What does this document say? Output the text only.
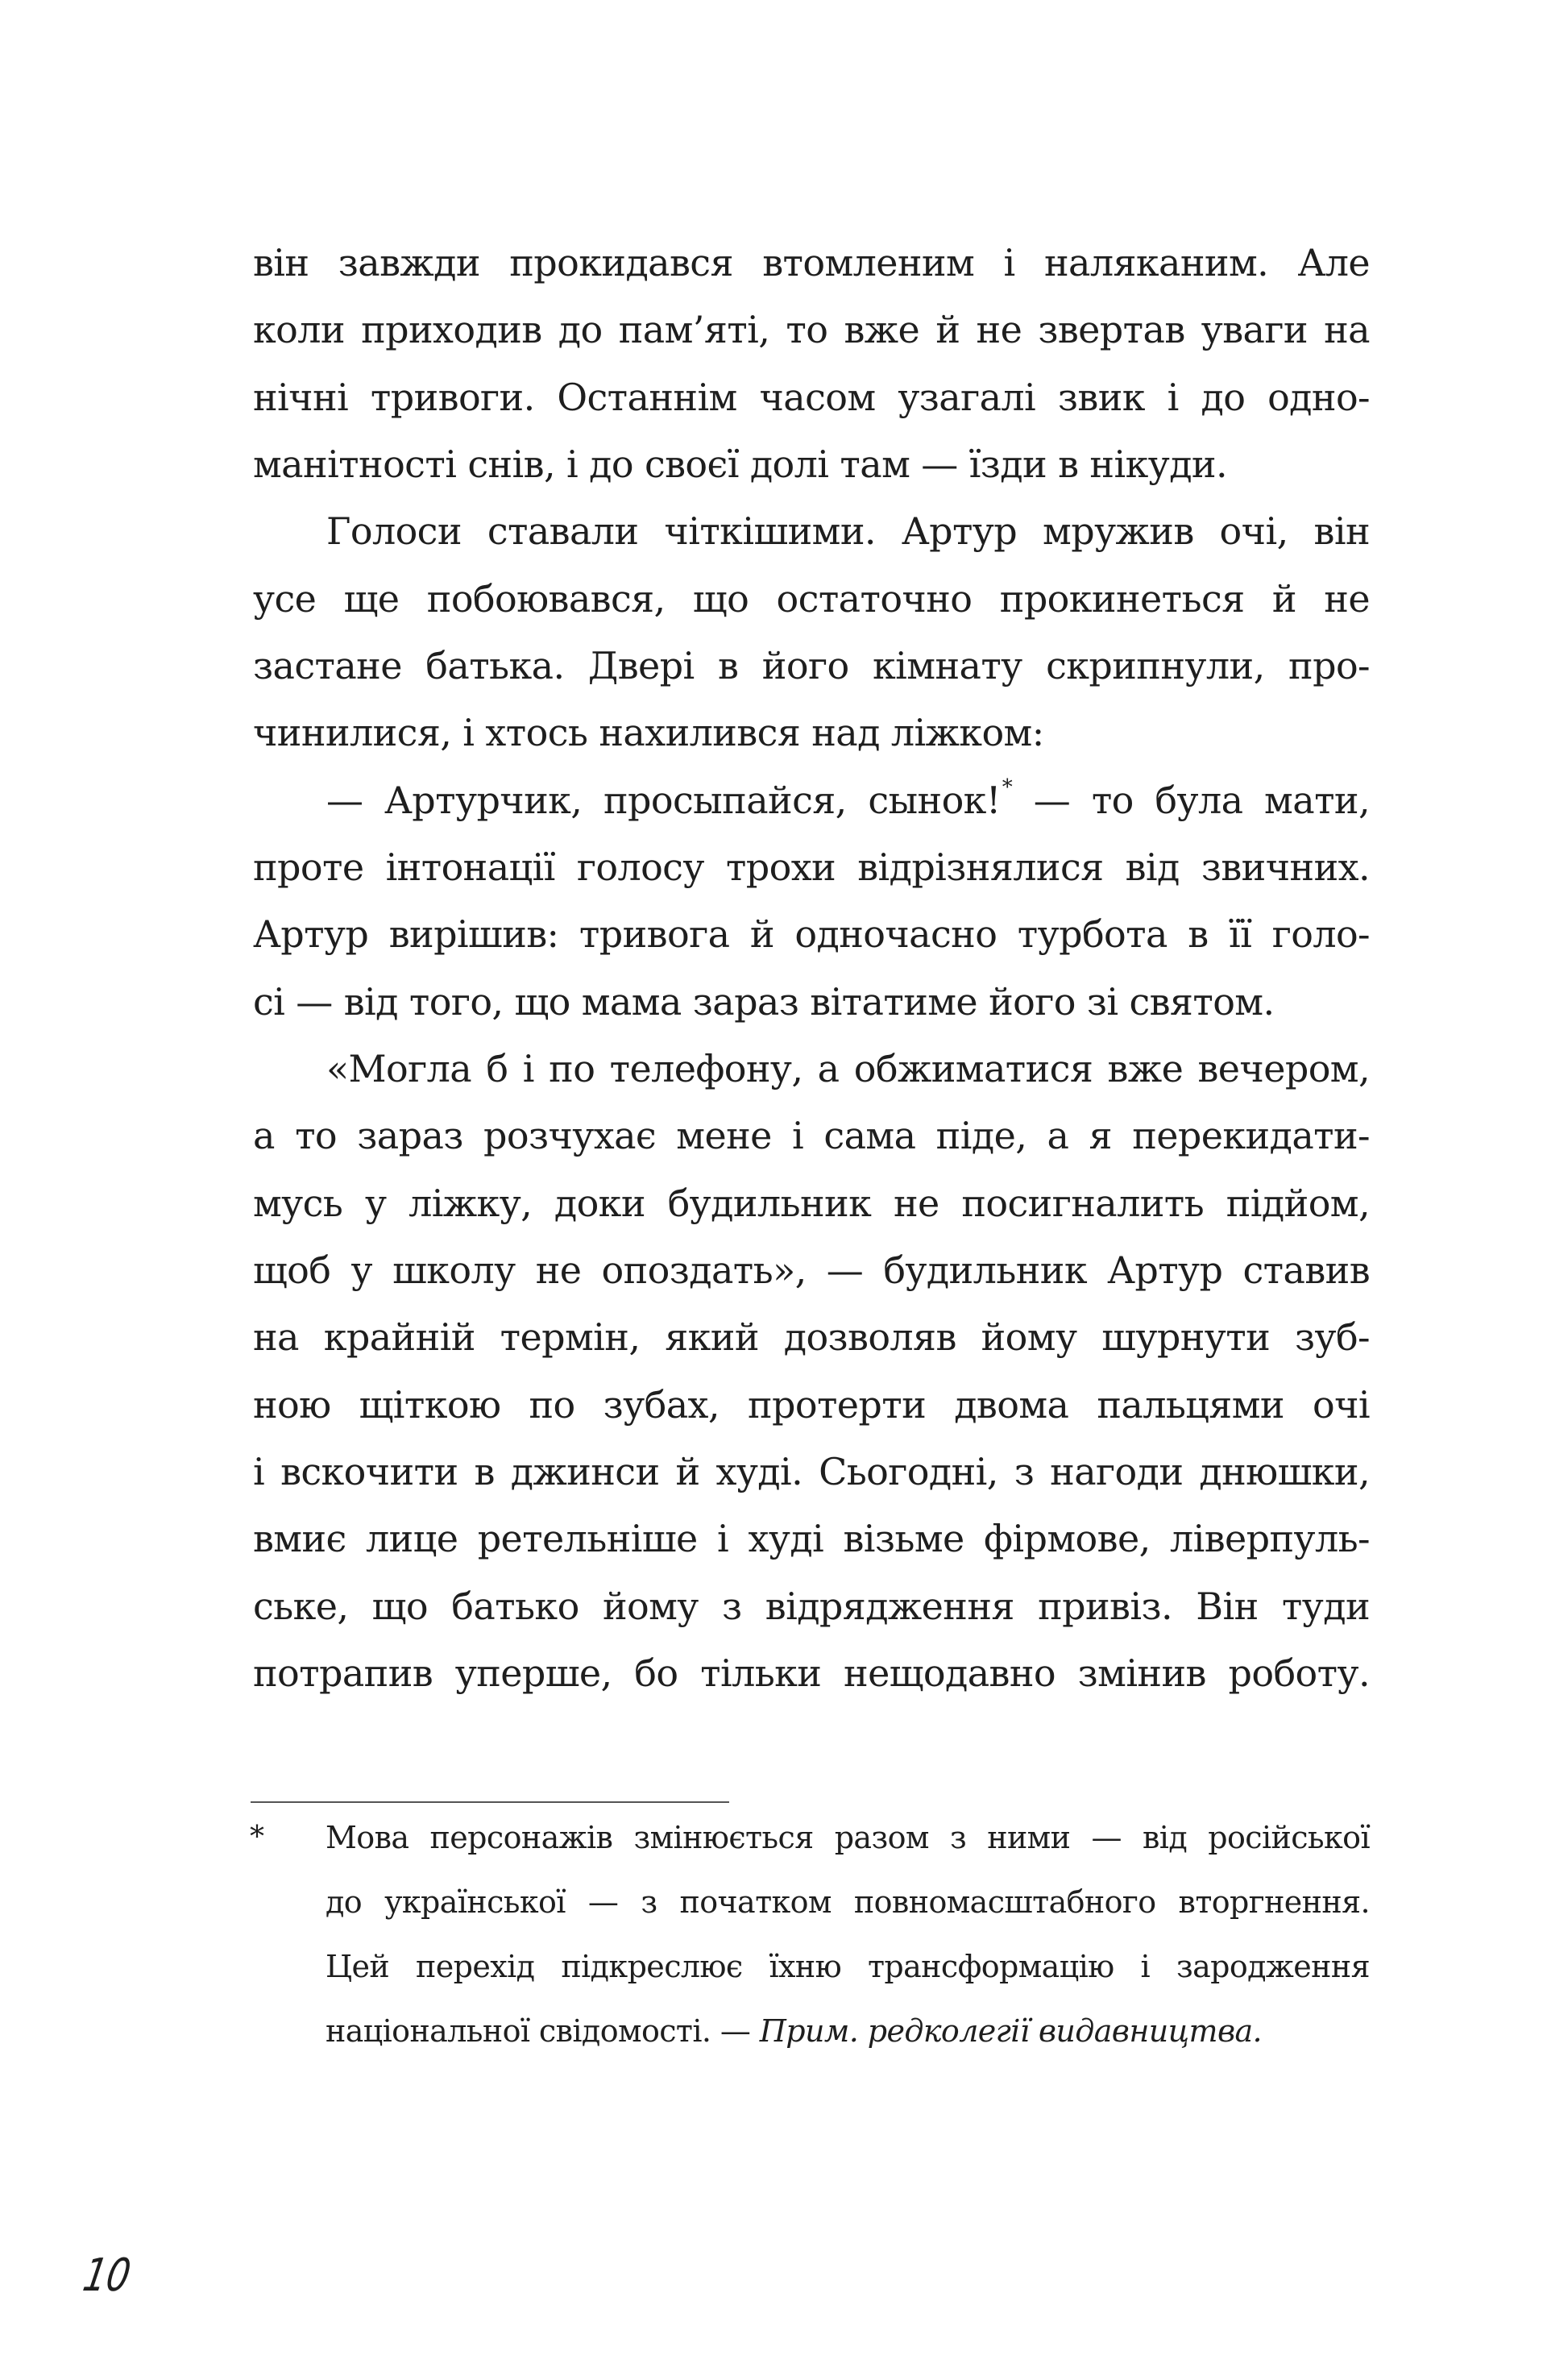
він завжди прокидався втомленим і наляканим. Але
коли приходив до пам’яті, то вже й не звертав уваги на
нічні тривоги. Останнім часом узагалі звик і до одно-
манітності снів, і до своєї долі там — їзди в нікуди.
Голоси ставали чіткішими. Артур мружив очі, він
усе ще побоювався, що остаточно прокинеться й не
застане батька. Двері в його кімнату скрипнули, про-
чинилися, і хтось нахилився над ліжком:
— Артурчик, просыпайся, сынок!* — то була мати,
проте інтонації голосу трохи відрізнялися від звичних.
Артур вирішив: тривога й одночасно турбота в її голо-
сі — від того, що мама зараз вітатиме його зі святом.
«Могла б і по телефону, а обжиматися вже вечером,
а то зараз розчухає мене і сама піде, а я перекидати-
мусь у ліжку, доки будильник не посигналить підйом,
щоб у школу не опоздать», — будильник Артур ставив
на крайній термін, який дозволяв йому шурнути зуб-
ною щіткою по зубах, протерти двома пальцями очі
і вскочити в джинси й худі. Сьогодні, з нагоди днюшки,
вмиє лице ретельніше і худі візьме фірмове, ліверпуль-
ське, що батько йому з відрядження привіз. Він туди
потрапив уперше, бо тільки нещодавно змінив роботу.
* Мова персонажів змінюється разом з ними — від російської
до української — з початком повномасштабного вторгнення.
Цей перехід підкреслює їхню трансформацію і зародження
національної свідомості. — Прим. редколегії видавництва.
10
